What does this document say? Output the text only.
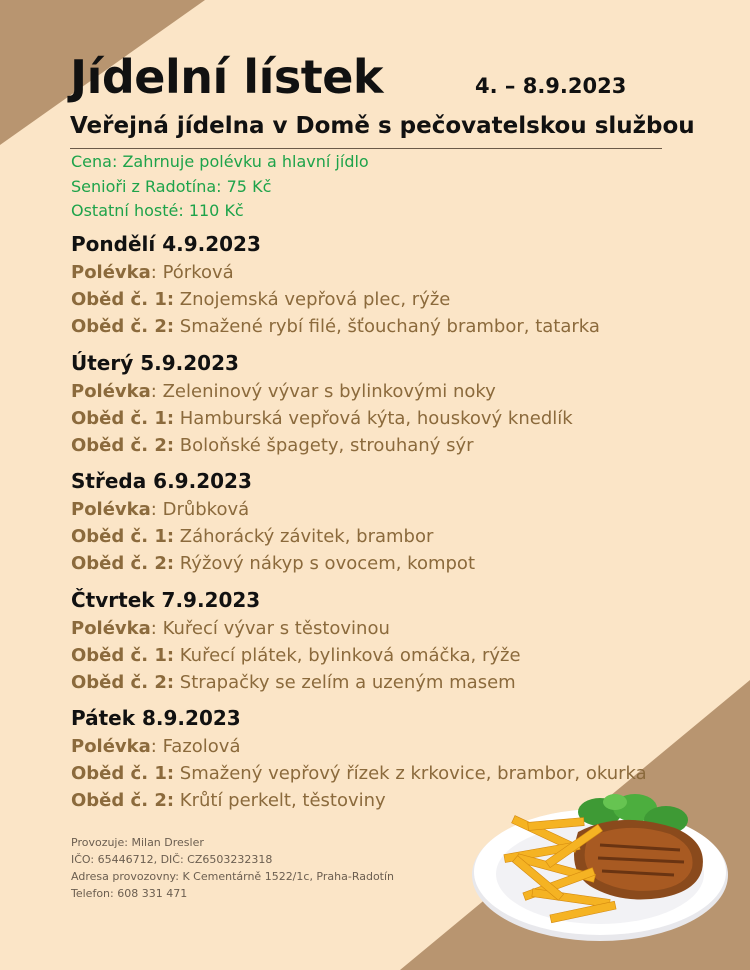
Jídelní lístek	4. – 8.9.2023
Veřejná jídelna v Domě s pečovatelskou službou
Cena: Zahrnuje polévku a hlavní jídlo
Senioři z Radotína: 75 Kč
Ostatní hosté: 110 Kč
Pondělí 4.9.2023
Polévka: Pórková
Oběd č. 1: Znojemská vepřová plec, rýže
Oběd č. 2: Smažené rybí filé, šťouchaný brambor, tatarka
Úterý 5.9.2023
Polévka: Zeleninový vývar s bylinkovými noky
Oběd č. 1: Hamburská vepřová kýta, houskový knedlík
Oběd č. 2: Boloňské špagety, strouhaný sýr
Středa 6.9.2023
Polévka: Drůbková
Oběd č. 1: Záhorácký závitek, brambor
Oběd č. 2: Rýžový nákyp s ovocem, kompot
Čtvrtek 7.9.2023
Polévka: Kuřecí vývar s těstovinou
Oběd č. 1: Kuřecí plátek, bylinková omáčka, rýže
Oběd č. 2: Strapačky se zelím a uzeným masem
Pátek 8.9.2023
Polévka: Fazolová
Oběd č. 1: Smažený vepřový řízek z krkovice, brambor, okurka
Oběd č. 2: Krůtí perkelt, těstoviny
Provozuje: Milan Dresler
IČO: 65446712, DIČ: CZ6503232318
Adresa provozovny: K Cementárně 1522/1c, Praha-Radotín
Telefon: 608 331 471
